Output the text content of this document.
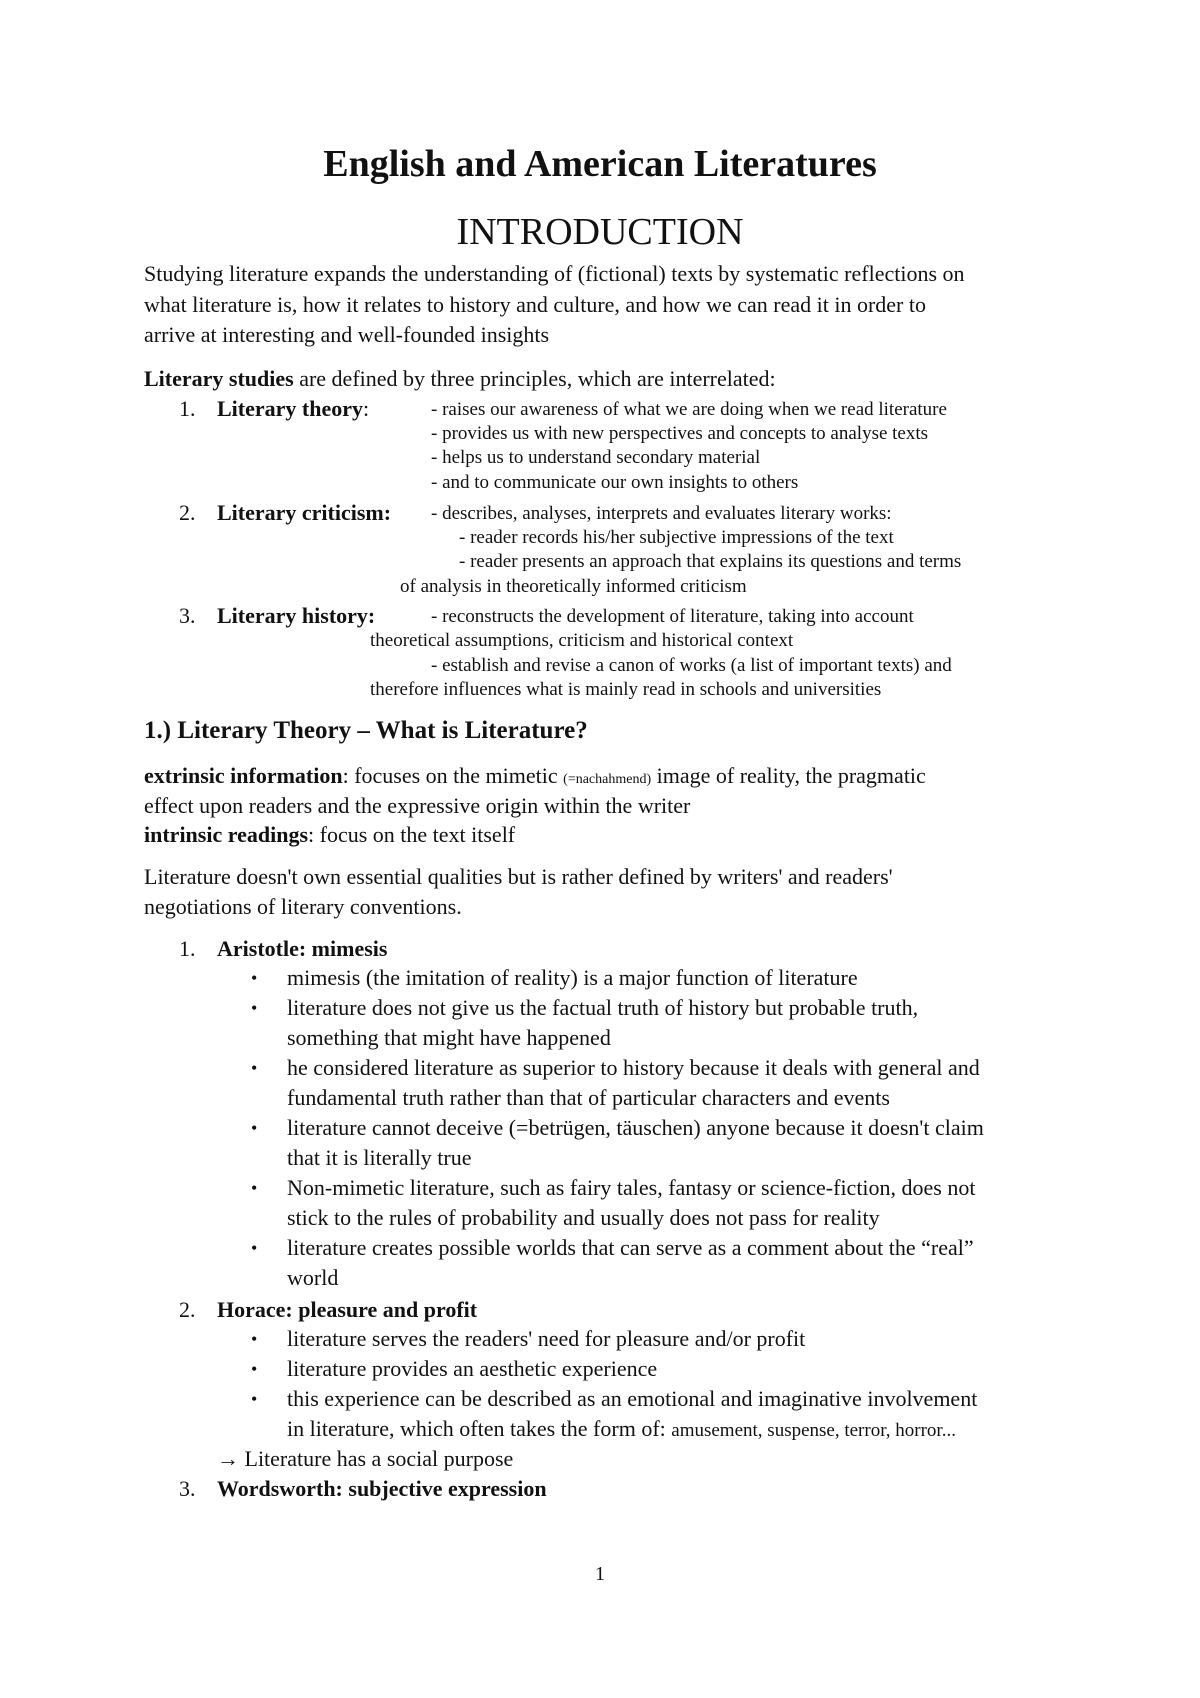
English and American Literatures
INTRODUCTION
Studying literature expands the understanding of (fictional) texts by systematic reflections on
what literature is, how it relates to history and culture, and how we can read it in order to
arrive at interesting and well-founded insights
Literary studies are defined by three principles, which are interrelated:
1. Literary theory:	- raises our awareness of what we are doing when we read literature
- provides us with new perspectives and concepts to analyse texts
- helps us to understand secondary material
- and to communicate our own insights to others
2. Literary criticism: - describes, analyses, interprets and evaluates literary works:
- reader records his/her subjective impressions of the text
- reader presents an approach that explains its questions and terms
of analysis in theoretically informed criticism
3. Literary history:	- reconstructs the development of literature, taking into account
theoretical assumptions, criticism and historical context
- establish and revise a canon of works (a list of important texts) and
therefore influences what is mainly read in schools and universities
1.) Literary Theory – What is Literature?
extrinsic information: focuses on the mimetic (=nachahmend) image of reality, the pragmatic
effect upon readers and the expressive origin within the writer
intrinsic readings: focus on the text itself
Literature doesn't own essential qualities but is rather defined by writers' and readers'
negotiations of literary conventions.
1. Aristotle: mimesis
• mimesis (the imitation of reality) is a major function of literature
• literature does not give us the factual truth of history but probable truth,
something that might have happened
• he considered literature as superior to history because it deals with general and
fundamental truth rather than that of particular characters and events
• literature cannot deceive (=betrügen, täuschen) anyone because it doesn't claim
that it is literally true
• Non-mimetic literature, such as fairy tales, fantasy or science-fiction, does not
stick to the rules of probability and usually does not pass for reality
• literature creates possible worlds that can serve as a comment about the “real”
world
2. Horace: pleasure and profit
• literature serves the readers' need for pleasure and/or profit
• literature provides an aesthetic experience
• this experience can be described as an emotional and imaginative involvement
in literature, which often takes the form of: amusement, suspense, terror, horror...
→ Literature has a social purpose
3. Wordsworth: subjective expression
1
